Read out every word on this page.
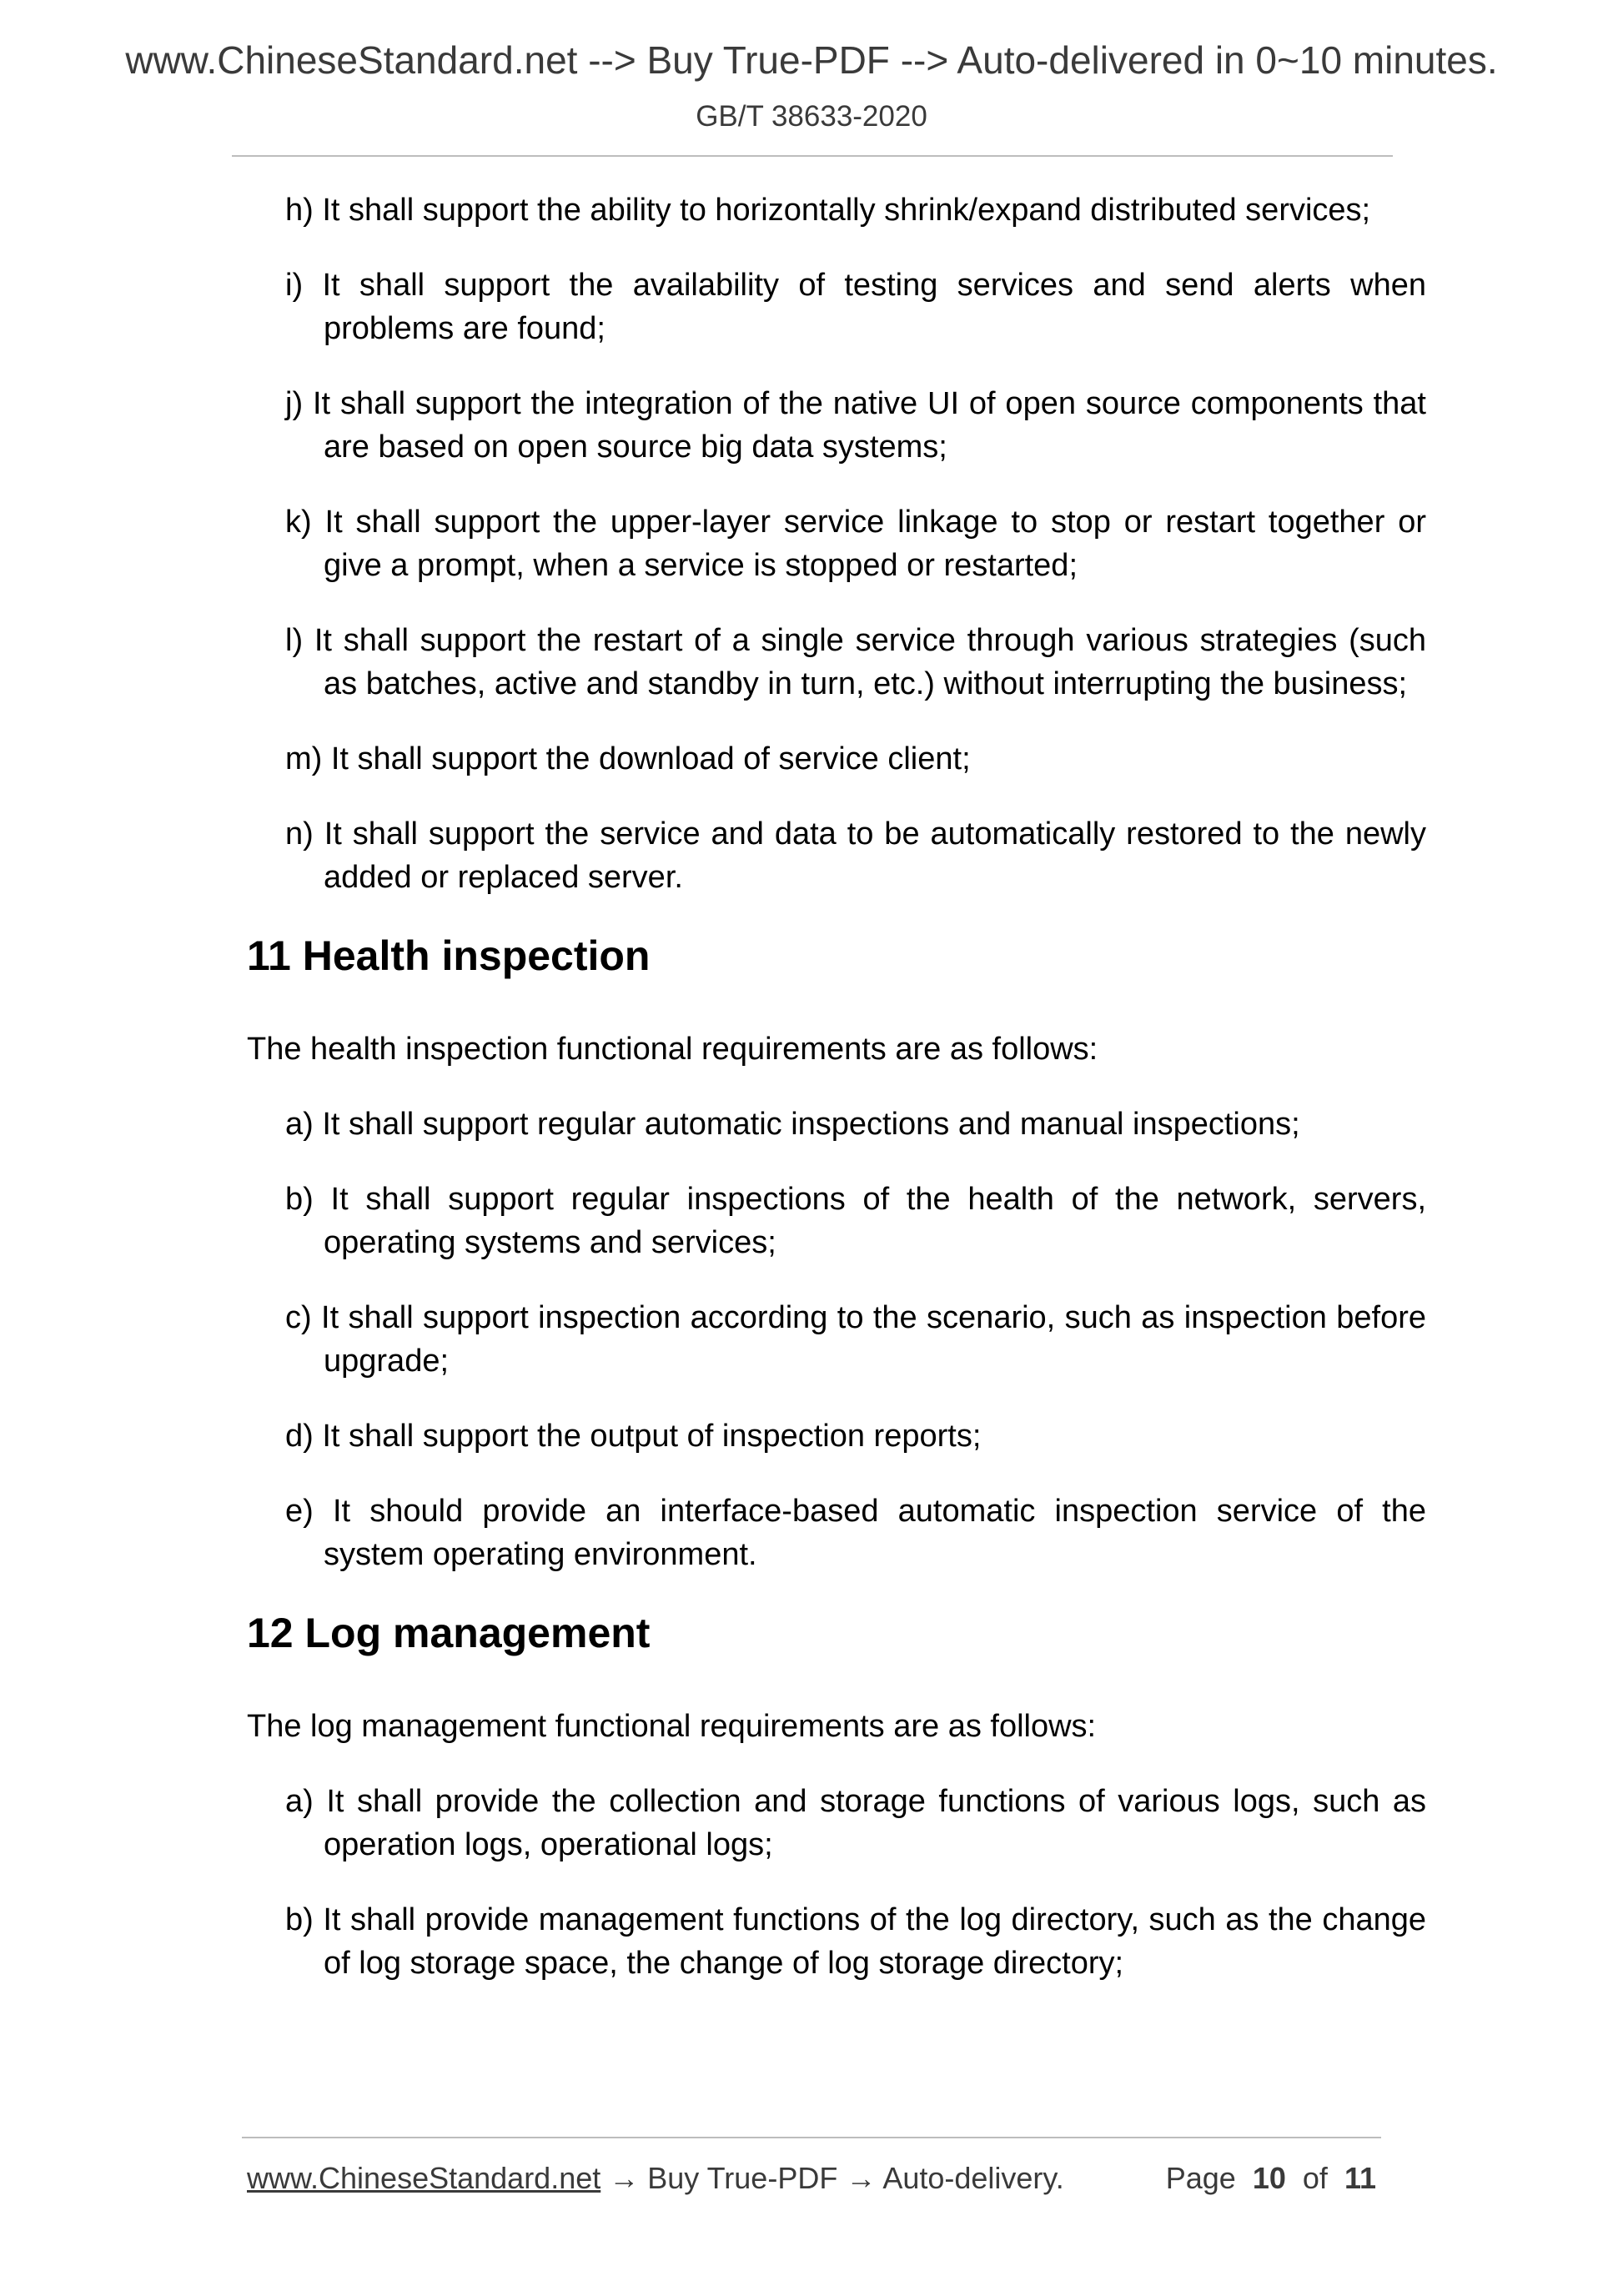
www.ChineseStandard.net --> Buy True-PDF --> Auto-delivered in 0~10 minutes.
GB/T 38633-2020
h) It shall support the ability to horizontally shrink/expand distributed services;
i) It shall support the availability of testing services and send alerts when problems are found;
j) It shall support the integration of the native UI of open source components that are based on open source big data systems;
k) It shall support the upper-layer service linkage to stop or restart together or give a prompt, when a service is stopped or restarted;
l) It shall support the restart of a single service through various strategies (such as batches, active and standby in turn, etc.) without interrupting the business;
m) It shall support the download of service client;
n) It shall support the service and data to be automatically restored to the newly added or replaced server.
11 Health inspection
The health inspection functional requirements are as follows:
a) It shall support regular automatic inspections and manual inspections;
b) It shall support regular inspections of the health of the network, servers, operating systems and services;
c) It shall support inspection according to the scenario, such as inspection before upgrade;
d) It shall support the output of inspection reports;
e) It should provide an interface-based automatic inspection service of the system operating environment.
12 Log management
The log management functional requirements are as follows:
a) It shall provide the collection and storage functions of various logs, such as operation logs, operational logs;
b) It shall provide management functions of the log directory, such as the change of log storage space, the change of log storage directory;
www.ChineseStandard.net → Buy True-PDF → Auto-delivery.	Page 10 of 11
